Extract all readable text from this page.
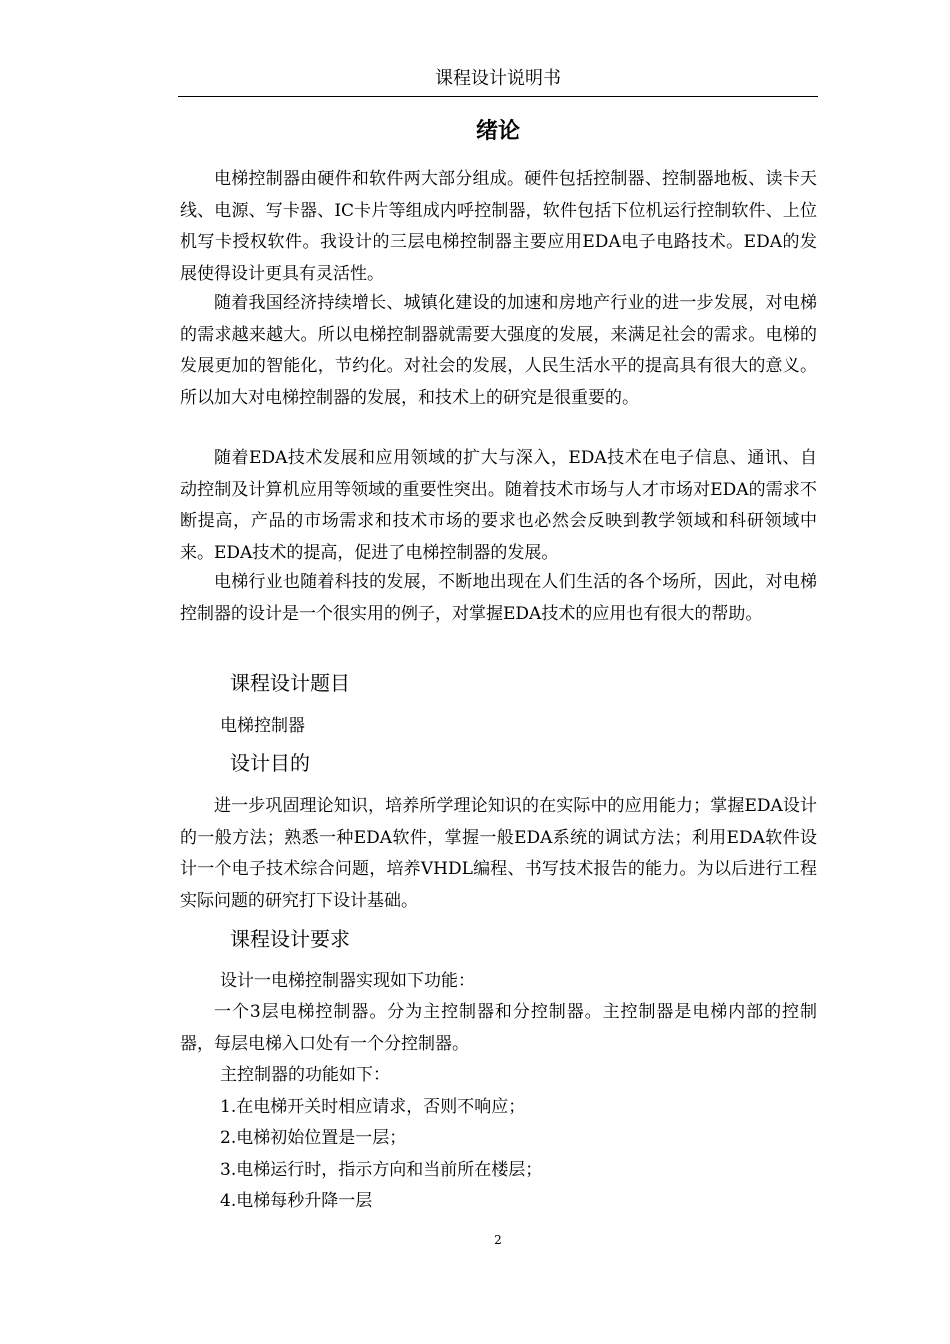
课程设计说明书
绪论

电梯控制器由硬件和软件两大部分组成。硬件包括控制器、控制器地板、读卡天线、电源、写卡器、IC卡片等组成内呼控制器，软件包括下位机运行控制软件、上位机写卡授权软件。我设计的三层电梯控制器主要应用EDA电子电路技术。EDA的发展使得设计更具有灵活性。

随着我国经济持续增长、城镇化建设的加速和房地产行业的进一步发展，对电梯的需求越来越大。所以电梯控制器就需要大强度的发展，来满足社会的需求。电梯的发展更加的智能化，节约化。对社会的发展，人民生活水平的提高具有很大的意义。所以加大对电梯控制器的发展，和技术上的研究是很重要的。

随着EDA技术发展和应用领域的扩大与深入，EDA技术在电子信息、通讯、自动控制及计算机应用等领域的重要性突出。随着技术市场与人才市场对EDA的需求不断提高，产品的市场需求和技术市场的要求也必然会反映到教学领域和科研领域中来。EDA技术的提高，促进了电梯控制器的发展。

电梯行业也随着科技的发展，不断地出现在人们生活的各个场所，因此，对电梯控制器的设计是一个很实用的例子，对掌握EDA技术的应用也有很大的帮助。

课程设计题目
电梯控制器
设计目的

进一步巩固理论知识，培养所学理论知识的在实际中的应用能力；掌握EDA设计的一般方法；熟悉一种EDA软件，掌握一般EDA系统的调试方法；利用EDA软件设计一个电子技术综合问题，培养VHDL编程、书写技术报告的能力。为以后进行工程实际问题的研究打下设计基础。

课程设计要求
设计一电梯控制器实现如下功能：

一个3层电梯控制器。分为主控制器和分控制器。主控制器是电梯内部的控制器，每层电梯入口处有一个分控制器。

主控制器的功能如下：
1.在电梯开关时相应请求，否则不响应；
2.电梯初始位置是一层；
3.电梯运行时，指示方向和当前所在楼层；
4.电梯每秒升降一层
2
